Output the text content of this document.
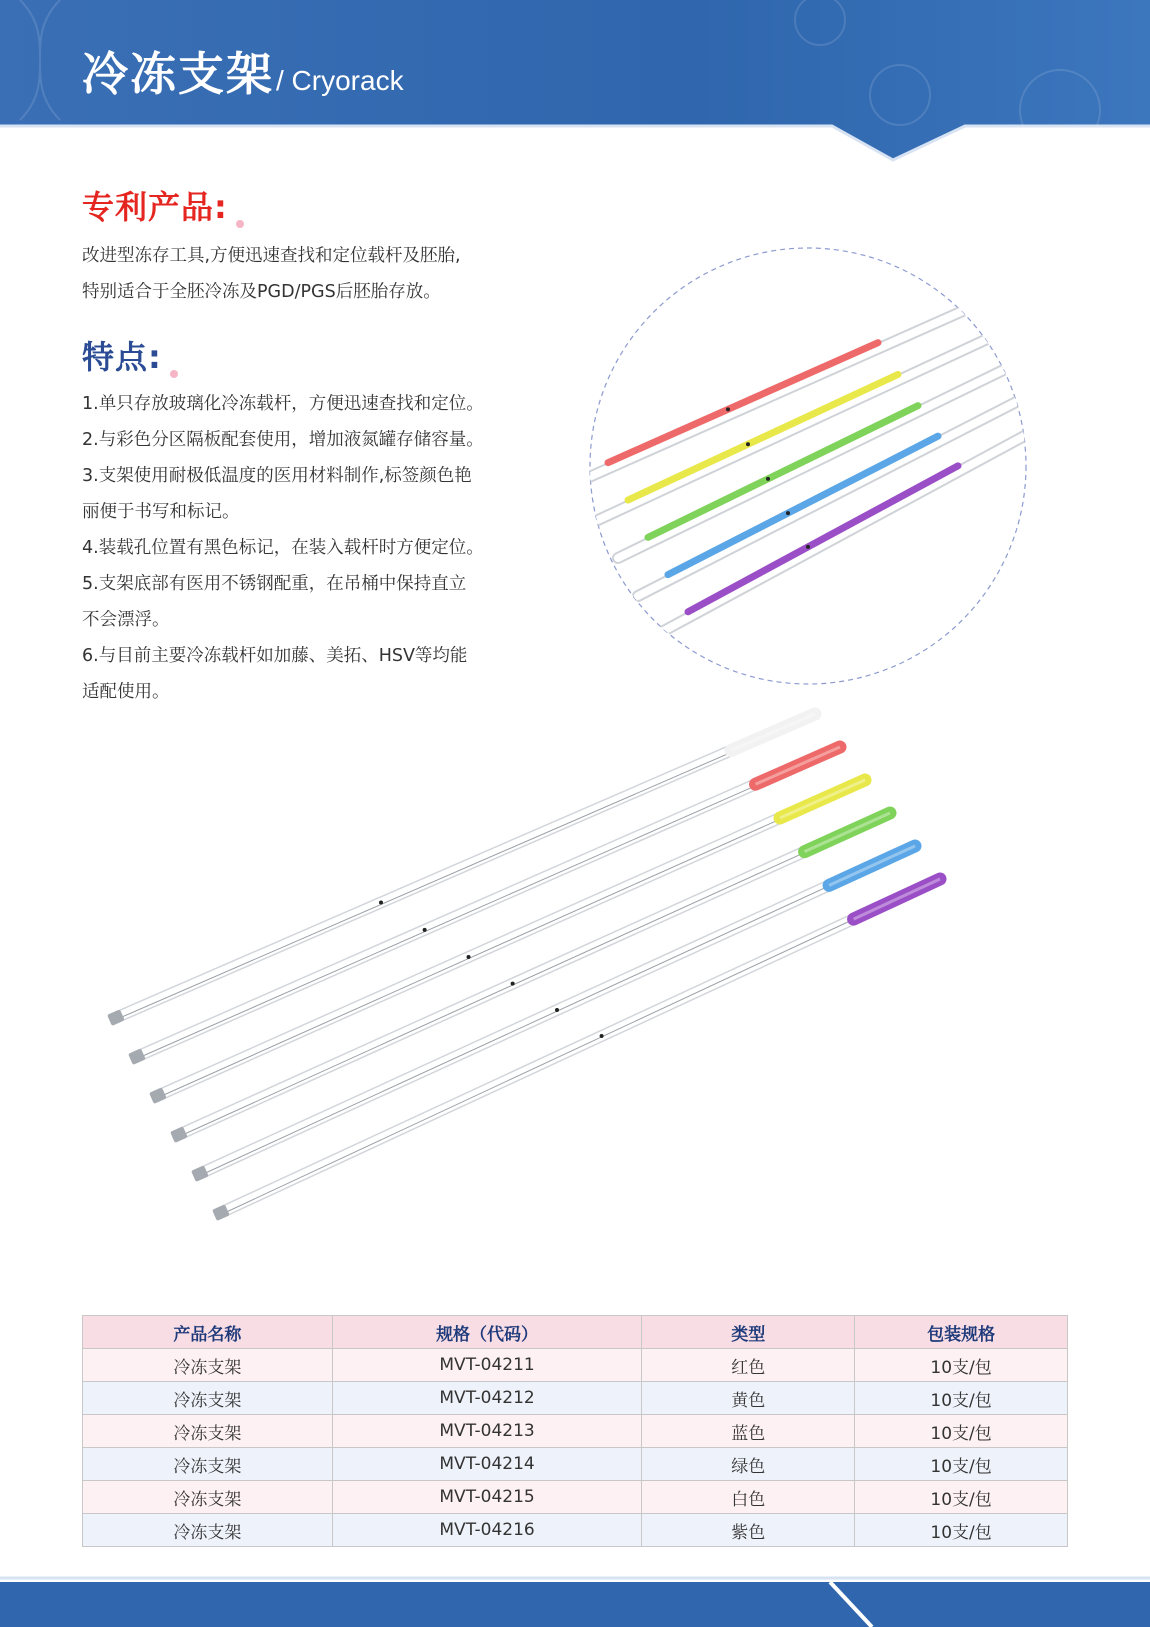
冷冻支架 / Cryorack
专利产品:
改进型冻存工具,方便迅速查找和定位载杆及胚胎,
特别适合于全胚冷冻及PGD/PGS后胚胎存放。
特点:
1.单只存放玻璃化冷冻载杆，方便迅速查找和定位。
2.与彩色分区隔板配套使用，增加液氮罐存储容量。
3.支架使用耐极低温度的医用材料制作,标签颜色艳
丽便于书写和标记。
4.装载孔位置有黑色标记，在装入载杆时方便定位。
5.支架底部有医用不锈钢配重，在吊桶中保持直立
不会漂浮。
6.与目前主要冷冻载杆如加藤、美拓、HSV等均能
适配使用。
产品名称	规格（代码）	类型	包装规格
冷冻支架	MVT-04211	红色	10支/包
冷冻支架	MVT-04212	黄色	10支/包
冷冻支架	MVT-04213	蓝色	10支/包
冷冻支架	MVT-04214	绿色	10支/包
冷冻支架	MVT-04215	白色	10支/包
冷冻支架	MVT-04216	紫色	10支/包
